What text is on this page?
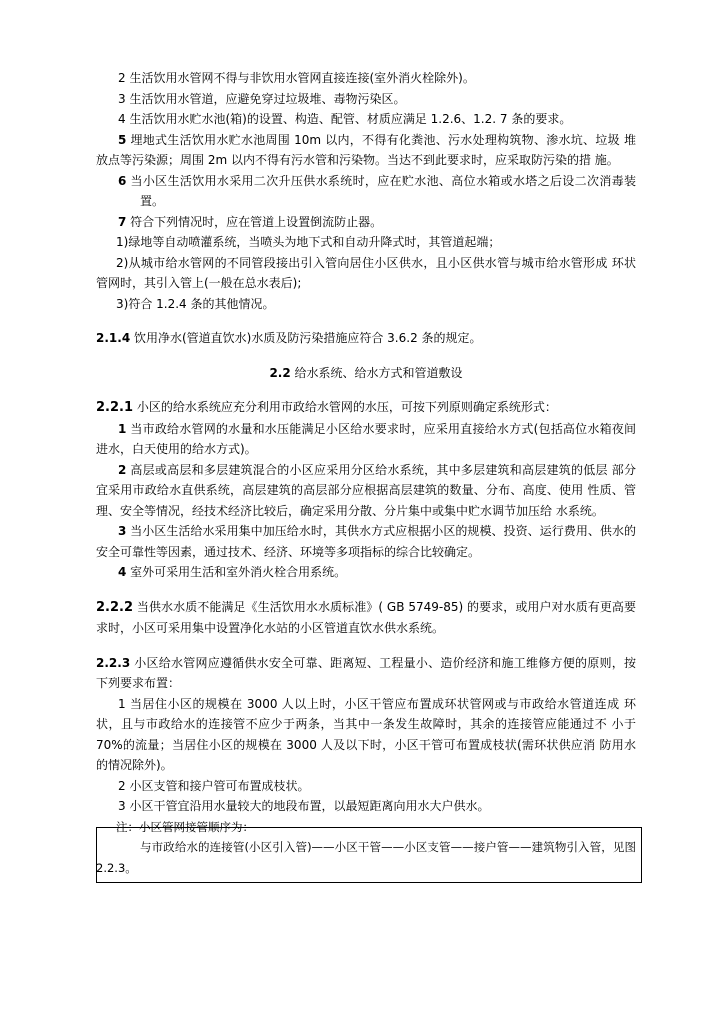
2 生活饮用水管网不得与非饮用水管网直接连接(室外消火栓除外)。

3 生活饮用水管道，应避免穿过垃圾堆、毒物污染区。

4 生活饮用水贮水池(箱)的设置、构造、配管、材质应满足 1.2.6、1.2. 7 条的要求。

5 埋地式生活饮用水贮水池周围 10m 以内，不得有化粪池、污水处理构筑物、渗水坑、垃圾 堆放点等污染源；周围 2m 以内不得有污水管和污染物。当达不到此要求时，应采取防污染的措 施。

6 当小区生活饮用水采用二次升压供水系统时，应在贮水池、高位水箱或水塔之后设二次消毒装置。

7 符合下列情况时，应在管道上设置倒流防止器。

1)绿地等自动喷灌系统，当喷头为地下式和自动升降式时，其管道起端；

2)从城市给水管网的不同管段接出引入管向居住小区供水，且小区供水管与城市给水管形成 环状管网时，其引入管上(一般在总水表后);

3)符合 1.2.4 条的其他情况。

2.1.4 饮用净水(管道直饮水)水质及防污染措施应符合 3.6.2 条的规定。

2.2 给水系统、给水方式和管道敷设

2.2.1 小区的给水系统应充分利用市政给水管网的水压，可按下列原则确定系统形式：

1 当市政给水管网的水量和水压能满足小区给水要求时，应采用直接给水方式(包括高位水箱夜间进水，白天使用的给水方式)。

2 高层或高层和多层建筑混合的小区应采用分区给水系统，其中多层建筑和高层建筑的低层 部分宜采用市政给水直供系统，高层建筑的高层部分应根据高层建筑的数量、分布、高度、使用 性质、管理、安全等情况，经技术经济比较后，确定采用分散、分片集中或集中贮水调节加压给 水系统。

3 当小区生活给水采用集中加压给水时，其供水方式应根据小区的规模、投资、运行费用、供水的安全可靠性等因素，通过技术、经济、环境等多项指标的综合比较确定。

4 室外可采用生活和室外消火栓合用系统。

2.2.2 当供水水质不能满足《生活饮用水水质标准》( GB 5749-85) 的要求，或用户对水质有更高要求时，小区可采用集中设置净化水站的小区管道直饮水供水系统。

2.2.3 小区给水管网应遵循供水安全可靠、距离短、工程量小、造价经济和施工维修方便的原则，按下列要求布置：

1 当居住小区的规模在 3000 人以上时，小区干管应布置成环状管网或与市政给水管道连成 环状，且与市政给水的连接管不应少于两条，当其中一条发生故障时，其余的连接管应能通过不 小于 70%的流量；当居住小区的规模在 3000 人及以下时，小区干管可布置成枝状(需环状供应消 防用水的情况除外)。

2 小区支管和接户管可布置成枝状。

3 小区干管宜沿用水量较大的地段布置，以最短距离向用水大户供水。

注：小区管网接管顺序为：

与市政给水的连接管(小区引入管)——小区干管——小区支管——接户管——建筑物引入管，见图 2.2.3。
